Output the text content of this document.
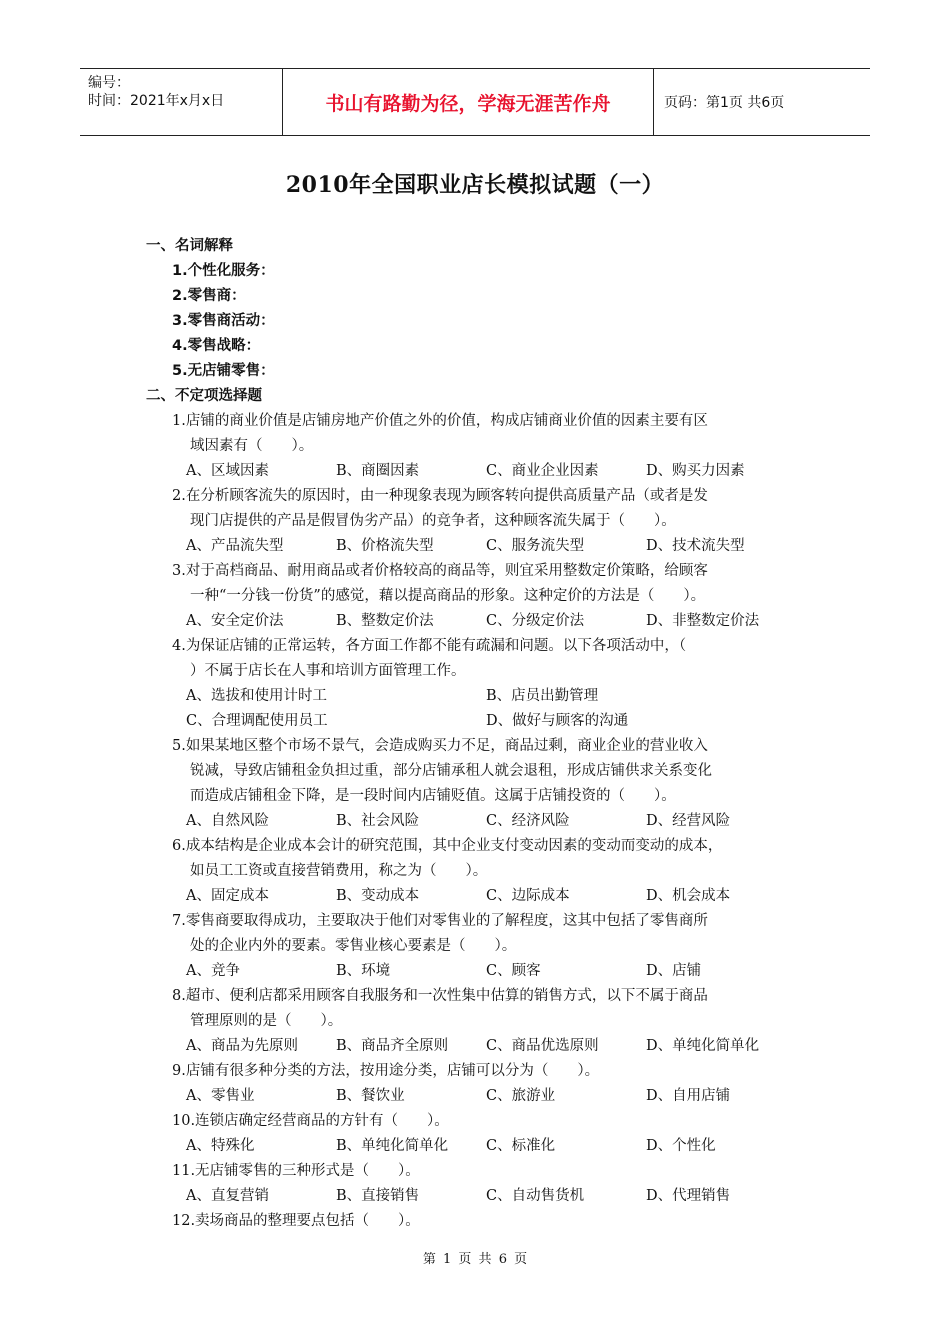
编号：
时间：2021年x月x日	书山有路勤为径，学海无涯苦作舟	页码：第1页 共6页
2010年全国职业店长模拟试题（一）
一、名词解释
1.个性化服务：
2.零售商：
3.零售商活动：
4.零售战略：
5.无店铺零售：
二、不定项选择题
1.店铺的商业价值是店铺房地产价值之外的价值，构成店铺商业价值的因素主要有区
域因素有（　　）。
A、区域因素	B、商圈因素	C、商业企业因素	D、购买力因素
2.在分析顾客流失的原因时，由一种现象表现为顾客转向提供高质量产品（或者是发
现门店提供的产品是假冒伪劣产品）的竞争者，这种顾客流失属于（　　）。
A、产品流失型	B、价格流失型	C、服务流失型	D、技术流失型
3.对于高档商品、耐用商品或者价格较高的商品等，则宜采用整数定价策略，给顾客
一种“一分钱一份货”的感觉，藉以提高商品的形象。这种定价的方法是（　　）。
A、安全定价法	B、整数定价法	C、分级定价法	D、非整数定价法
4.为保证店铺的正常运转，各方面工作都不能有疏漏和问题。以下各项活动中，（
）不属于店长在人事和培训方面管理工作。
A、选拔和使用计时工	B、店员出勤管理
C、合理调配使用员工	D、做好与顾客的沟通
5.如果某地区整个市场不景气，会造成购买力不足，商品过剩，商业企业的营业收入
锐减，导致店铺租金负担过重，部分店铺承租人就会退租，形成店铺供求关系变化
而造成店铺租金下降，是一段时间内店铺贬值。这属于店铺投资的（　　）。
A、自然风险	B、社会风险	C、经济风险	D、经营风险
6.成本结构是企业成本会计的研究范围，其中企业支付变动因素的变动而变动的成本，
如员工工资或直接营销费用，称之为（　　）。
A、固定成本	B、变动成本	C、边际成本	D、机会成本
7.零售商要取得成功，主要取决于他们对零售业的了解程度，这其中包括了零售商所
处的企业内外的要素。零售业核心要素是（　　）。
A、竞争	B、环境	C、顾客	D、店铺
8.超市、便利店都采用顾客自我服务和一次性集中估算的销售方式，以下不属于商品
管理原则的是（　　）。
A、商品为先原则	B、商品齐全原则	C、商品优选原则	D、单纯化简单化
9.店铺有很多种分类的方法，按用途分类，店铺可以分为（　　）。
A、零售业	B、餐饮业	C、旅游业	D、自用店铺
10.连锁店确定经营商品的方针有（　　）。
A、特殊化	B、单纯化简单化	C、标准化	D、个性化
11.无店铺零售的三种形式是（　　）。
A、直复营销	B、直接销售	C、自动售货机	D、代理销售
12.卖场商品的整理要点包括（　　）。
第 1 页 共 6 页
